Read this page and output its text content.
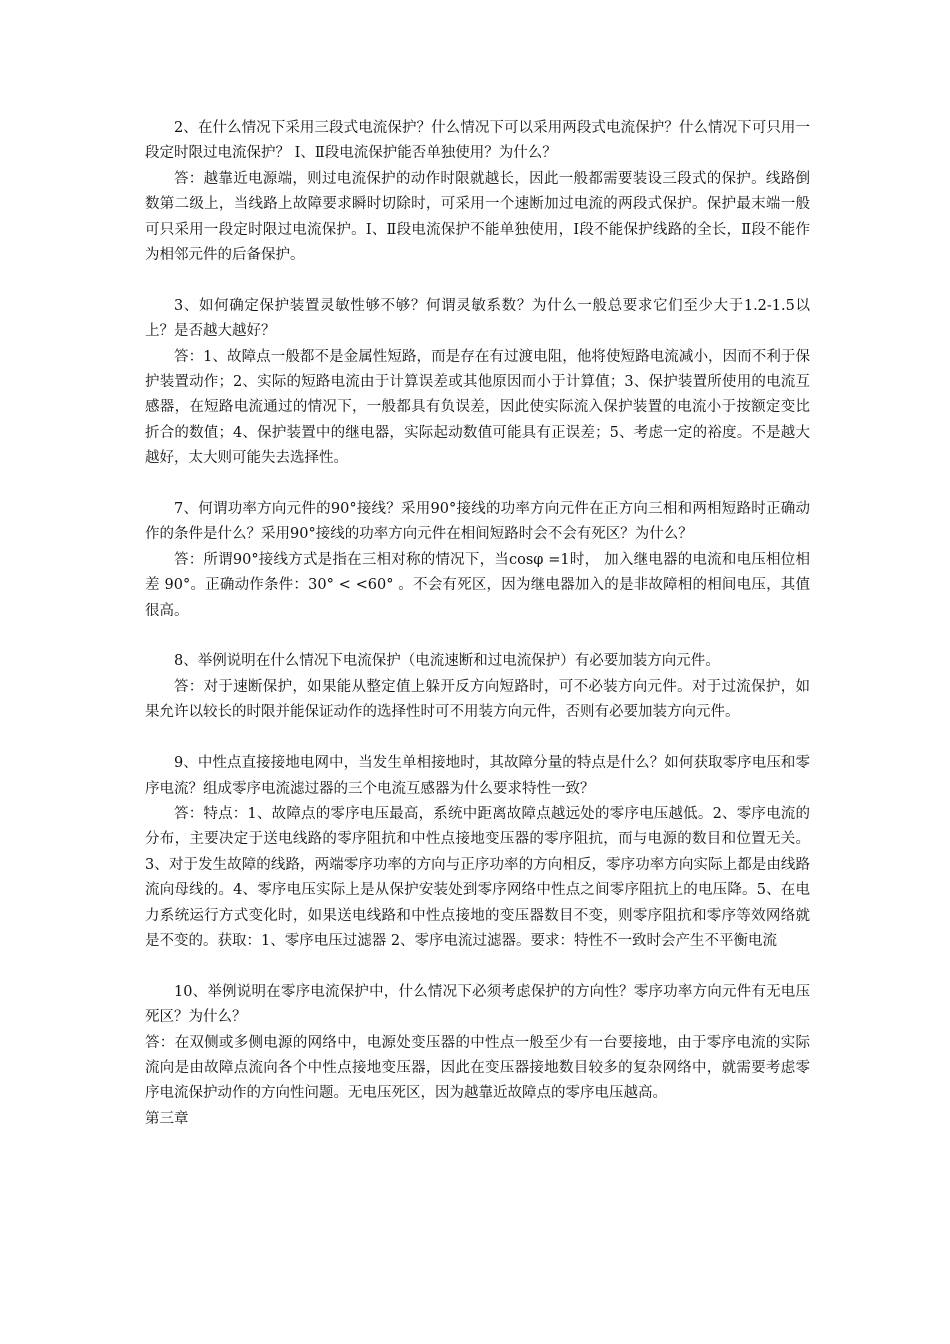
2、在什么情况下采用三段式电流保护？什么情况下可以采用两段式电流保护？什么情况下可只用一段定时限过电流保护？ Ⅰ、Ⅱ段电流保护能否单独使用？为什么？

答：越靠近电源端，则过电流保护的动作时限就越长，因此一般都需要装设三段式的保护。线路倒数第二级上，当线路上故障要求瞬时切除时，可采用一个速断加过电流的两段式保护。保护最末端一般可只采用一段定时限过电流保护。Ⅰ、Ⅱ段电流保护不能单独使用，Ⅰ段不能保护线路的全长，Ⅱ段不能作为相邻元件的后备保护。

3、如何确定保护装置灵敏性够不够？何谓灵敏系数？为什么一般总要求它们至少大于1.2-1.5以上？是否越大越好？

答：1、故障点一般都不是金属性短路，而是存在有过渡电阻，他将使短路电流减小，因而不利于保护装置动作；2、实际的短路电流由于计算误差或其他原因而小于计算值；3、保护装置所使用的电流互感器，在短路电流通过的情况下，一般都具有负误差，因此使实际流入保护装置的电流小于按额定变比折合的数值；4、保护装置中的继电器，实际起动数值可能具有正误差；5、考虑一定的裕度。不是越大越好，太大则可能失去选择性。

7、何谓功率方向元件的90°接线？采用90°接线的功率方向元件在正方向三相和两相短路时正确动作的条件是什么？采用90°接线的功率方向元件在相间短路时会不会有死区？为什么？

答：所谓90°接线方式是指在三相对称的情况下，当cosφ =1时， 加入继电器的电流和电压相位相差 90°。正确动作条件：30° < <60° 。不会有死区，因为继电器加入的是非故障相的相间电压，其值很高。

8、举例说明在什么情况下电流保护（电流速断和过电流保护）有必要加装方向元件。

答：对于速断保护，如果能从整定值上躲开反方向短路时，可不必装方向元件。对于过流保护，如果允许以较长的时限并能保证动作的选择性时可不用装方向元件，否则有必要加装方向元件。

9、中性点直接接地电网中，当发生单相接地时，其故障分量的特点是什么？如何获取零序电压和零序电流？组成零序电流滤过器的三个电流互感器为什么要求特性一致？

答：特点：1、故障点的零序电压最高，系统中距离故障点越远处的零序电压越低。2、零序电流的分布，主要决定于送电线路的零序阻抗和中性点接地变压器的零序阻抗，而与电源的数目和位置无关。3、对于发生故障的线路，两端零序功率的方向与正序功率的方向相反，零序功率方向实际上都是由线路流向母线的。4、零序电压实际上是从保护安装处到零序网络中性点之间零序阻抗上的电压降。5、在电力系统运行方式变化时，如果送电线路和中性点接地的变压器数目不变，则零序阻抗和零序等效网络就是不变的。获取：1、零序电压过滤器 2、零序电流过滤器。要求：特性不一致时会产生不平衡电流

10、举例说明在零序电流保护中，什么情况下必须考虑保护的方向性？零序功率方向元件有无电压死区？为什么？

答：在双侧或多侧电源的网络中，电源处变压器的中性点一般至少有一台要接地，由于零序电流的实际流向是由故障点流向各个中性点接地变压器，因此在变压器接地数目较多的复杂网络中，就需要考虑零序电流保护动作的方向性问题。无电压死区，因为越靠近故障点的零序电压越高。

第三章
